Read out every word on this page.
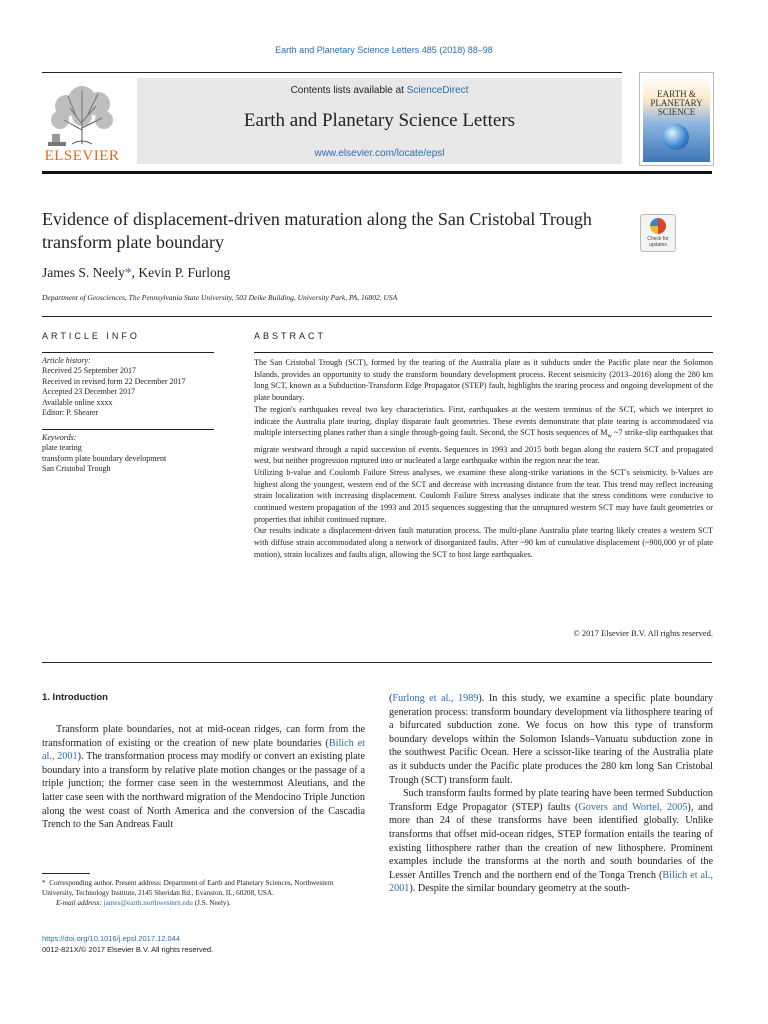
Earth and Planetary Science Letters 485 (2018) 88–98
ELSEVIER
Contents lists available at ScienceDirect
Earth and Planetary Science Letters
www.elsevier.com/locate/epsl
EARTH & PLANETARY SCIENCE
Evidence of displacement-driven maturation along the San Cristobal Trough transform plate boundary	Check for updates
James S. Neely*, Kevin P. Furlong
Department of Geosciences, The Pennsylvania State University, 503 Deike Building, University Park, PA, 16802, USA
ARTICLE INFO
Article history:
Received 25 September 2017
Received in revised form 22 December 2017
Accepted 23 December 2017
Available online xxxx
Editor: P. Shearer
Keywords:
plate tearing
transform plate boundary development
San Cristobal Trough
ABSTRACT

The San Cristobal Trough (SCT), formed by the tearing of the Australia plate as it subducts under the Pacific plate near the Solomon Islands, provides an opportunity to study the transform boundary development process. Recent seismicity (2013–2016) along the 280 km long SCT, known as a Subduction-Transform Edge Propagator (STEP) fault, highlights the tearing process and ongoing development of the plate boundary.

The region's earthquakes reveal two key characteristics. First, earthquakes at the western terminus of the SCT, which we interpret to indicate the Australia plate tearing, display disparate fault geometries. These events demonstrate that plate tearing is accommodated via multiple intersecting planes rather than a single through-going fault. Second, the SCT hosts sequences of $M_w$ ~7 strike-slip earthquakes that migrate westward through a rapid succession of events. Sequences in 1993 and 2015 both began along the eastern SCT and propagated west, but neither progression ruptured into or nucleated a large earthquake within the region near the tear.

Utilizing b-value and Coulomb Failure Stress analyses, we examine these along-strike variations in the SCT's seismicity. b-Values are highest along the youngest, western end of the SCT and decrease with increasing distance from the tear. This trend may reflect increasing strain localization with increasing displacement. Coulomb Failure Stress analyses indicate that the stress conditions were conducive to continued western propagation of the 1993 and 2015 sequences suggesting that the unruptured western SCT may have fault geometries or properties that inhibit continued rupture.

Our results indicate a displacement-driven fault maturation process. The multi-plane Australia plate tearing likely creates a western SCT with diffuse strain accommodated along a network of disorganized faults. After ~90 km of cumulative displacement (~900,000 yr of plate motion), strain localizes and faults align, allowing the SCT to host large earthquakes.

© 2017 Elsevier B.V. All rights reserved.
1. Introduction

Transform plate boundaries, not at mid-ocean ridges, can form from the transformation of existing or the creation of new plate boundaries (Bilich et al., 2001). The transformation process may modify or convert an existing plate boundary into a transform by relative plate motion changes or the passage of a triple junction; the former case seen in the westernmost Aleutians, and the latter case seen with the northward migration of the Mendocino Triple Junction along the west coast of North America and the conversion of the Cascadia Trench to the San Andreas Fault

(Furlong et al., 1989). In this study, we examine a specific plate boundary generation process: transform boundary development via lithosphere tearing of a bifurcated subduction zone. We focus on how this type of transform boundary develops within the Solomon Islands–Vanuatu subduction zone in the southwest Pacific Ocean. Here a scissor-like tearing of the Australia plate as it subducts under the Pacific plate produces the 280 km long San Cristobal Trough (SCT) transform fault.

Such transform faults formed by plate tearing have been termed Subduction Transform Edge Propagator (STEP) faults (Govers and Wortel, 2005), and more than 24 of these transforms have been identified globally. Unlike transforms that offset mid-ocean ridges, STEP formation entails the tearing of existing lithosphere rather than the creation of new lithosphere. Prominent examples include the transforms at the north and south boundaries of the Lesser Antilles Trench and the northern end of the Tonga Trench (Bilich et al., 2001). Despite the similar boundary geometry at the south-

* Corresponding author. Present address: Department of Earth and Planetary Sciences, Northwestern University, Technology Institute, 2145 Sheridan Rd., Evanston, IL, 60208, USA.
E-mail address: james@earth.northwestern.edu (J.S. Neely).
https://doi.org/10.1016/j.epsl.2017.12.044
0012-821X/© 2017 Elsevier B.V. All rights reserved.
